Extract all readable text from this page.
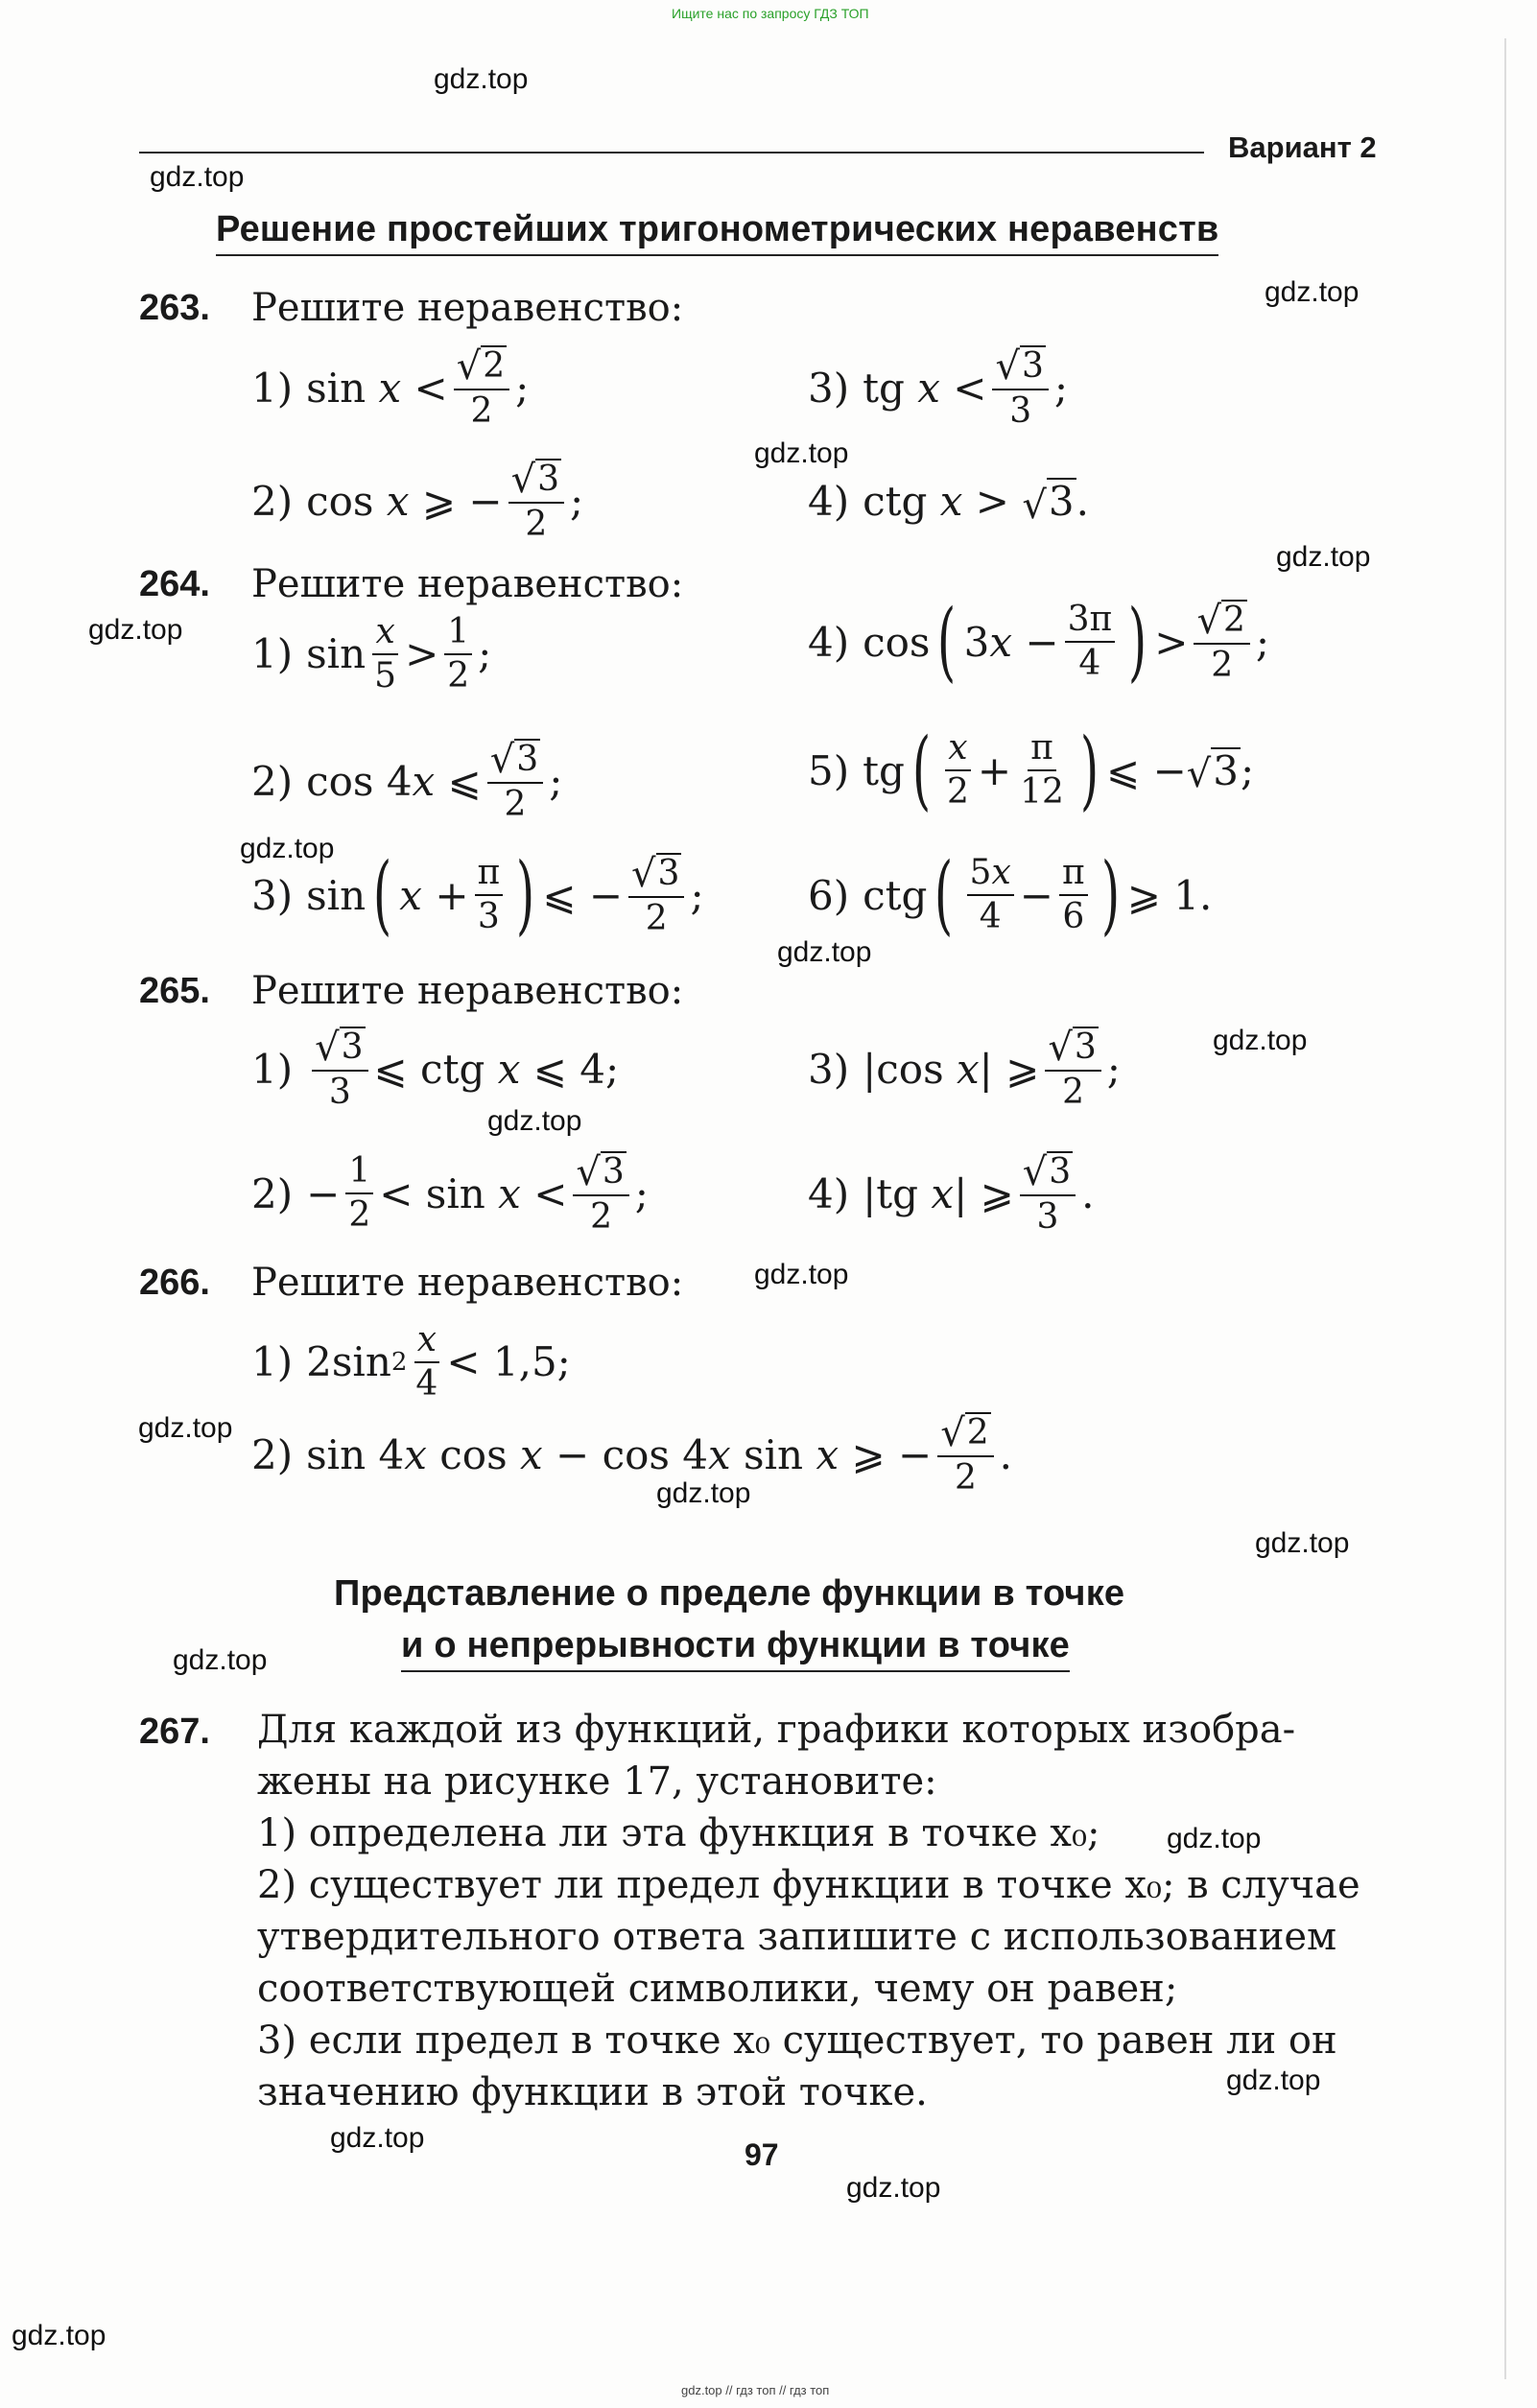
Ищите нас по запросу ГДЗ ТОП
gdz.top // гдз топ // гдз топ
Вариант 2
Решение простейших тригонометрических неравенств
263. Решите неравенство:
1) $\sin x < \frac{√ 2}{2}$ ;	3) tg $x < \frac{√ 3}{3}$ ;
2) cos x ⩾ − $\frac{√ 3}{2}$ ;	4) ctg x > √ 3 .
264. Решите неравенство:
1) $\sin \frac{x}{5} > \frac{1}{2}$ ;	4) cos ( 3 $x - \frac{3\pi}{4}$ ) > $\frac{√ 2}{2}$ ;
2) cos 4 x ⩽ $\frac{√ 3}{2}$ ;	5) tg ( $\frac{x}{2} + \frac{\pi}{12}$ ) ⩽ − √ 3 ;
3) sin ( $x + \frac{\pi}{3}$ ) ⩽ − $\frac{√ 3}{2}$ ;	6) ctg ( $\frac{5x}{4} - \frac{\pi}{6}$ ) ⩾ 1.
265. Решите неравенство:
$1) \frac{√ 3}{3}$ ⩽ ctg x ⩽ 4;	3) |cos x | ⩾ $\frac{√ 3}{2}$ ;
$2) - \frac{1}{2} < \sin x < \frac{√ 3}{2}$ ;	4) |tg x | ⩾ $\frac{√ 3}{3}$ .
266. Решите неравенство:
1) 2sin $2 \frac{x}{4} < 1,5$;
2) sin 4 x cos x − cos 4 x sin x ⩾ − $\frac{√ 2}{2}$ .
Представление о пределе функции в точке
и о непрерывности функции в точке
267. Для каждой из функций, графики которых изобра-
жены на рисунке 17, установите:
1) определена ли эта функция в точке x₀;
2) существует ли предел функции в точке x₀; в случае
утвердительного ответа запишите с использованием
соответствующей символики, чему он равен;
3) если предел в точке x₀ существует, то равен ли он
значению функции в этой точке.
97
gdz.top
gdz.top
gdz.top
gdz.top
gdz.top
gdz.top
gdz.top
gdz.top
gdz.top
gdz.top
gdz.top
gdz.top
gdz.top
gdz.top
gdz.top
gdz.top
gdz.top
gdz.top
gdz.top
gdz.top
